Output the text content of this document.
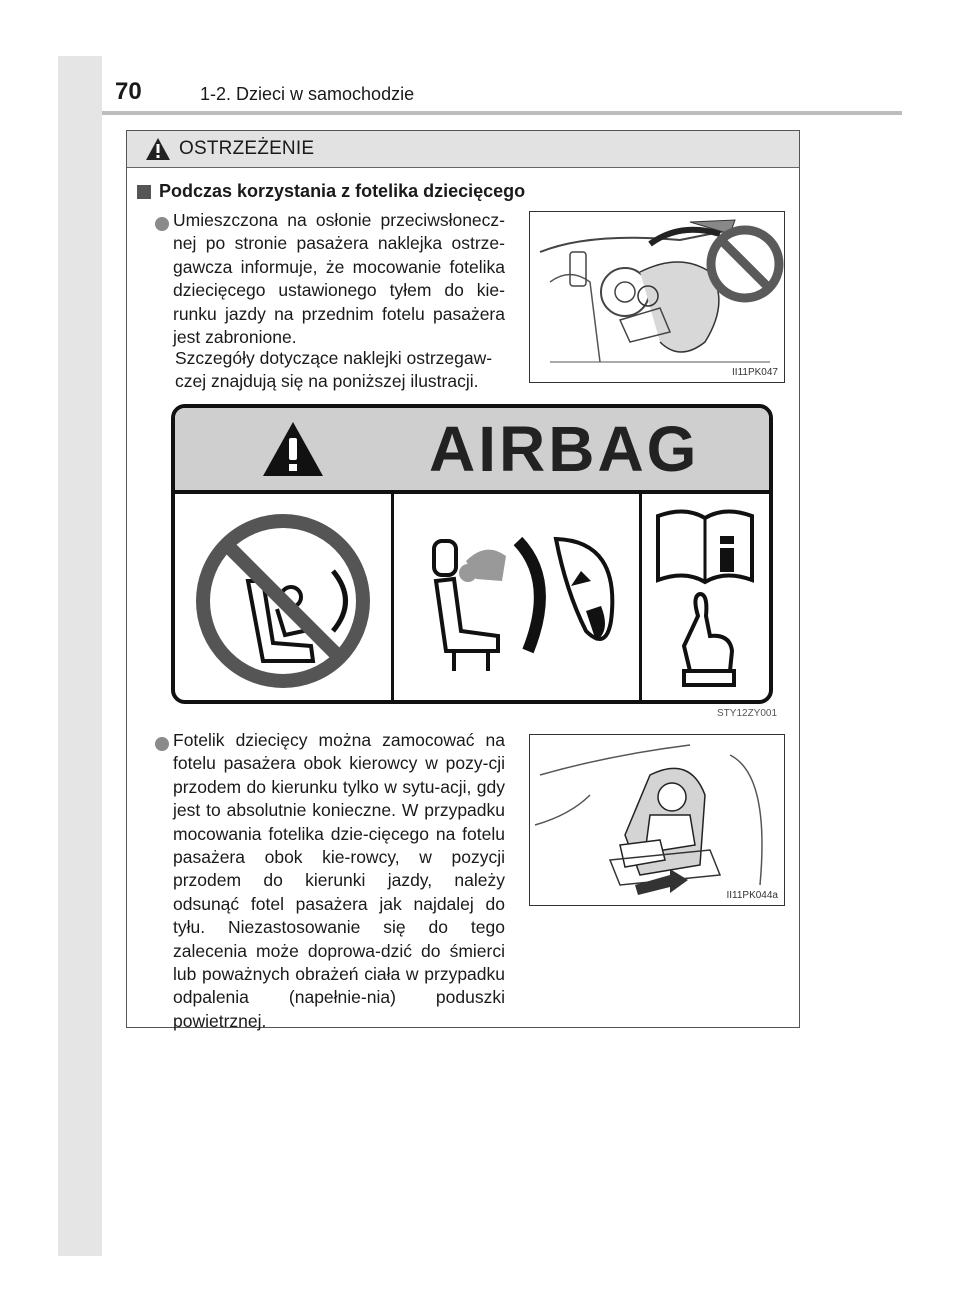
70	1-2. Dzieci w samochodzie
OSTRZEŻENIE
Podczas korzystania z fotelika dziecięcego
Umieszczona na osłonie przeciwsłonecz-nej po stronie pasażera naklejka ostrze-gawcza informuje, że mocowanie fotelika dziecięcego ustawionego tyłem do kie-runku jazdy na przednim fotelu pasażera jest zabronione.
Szczegóły dotyczące naklejki ostrzegaw-czej znajdują się na poniższej ilustracji.	II11PK047
AIRBAG
STY12ZY001
Fotelik dziecięcy można zamocować na fotelu pasażera obok kierowcy w pozy-cji przodem do kierunku tylko w sytu-acji, gdy jest to absolutnie konieczne. W przypadku mocowania fotelika dzie-cięcego na fotelu pasażera obok kie-rowcy, w pozycji przodem do kierunki jazdy, należy odsunąć fotel pasażera jak najdalej do tyłu. Niezastosowanie się do tego zalecenia może doprowa-dzić do śmierci lub poważnych obrażeń ciała w przypadku odpalenia (napełnie-nia) poduszki powietrznej.
II11PK044a
